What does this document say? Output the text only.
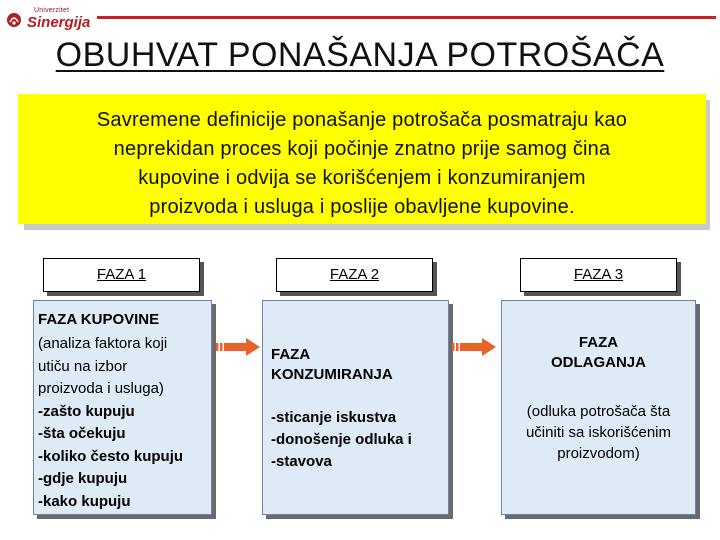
Univerzitet
Sinergija
OBUHVAT PONAŠANJA POTROŠAČA
Savremene definicije ponašanje potrošača posmatraju kao
neprekidan proces koji počinje znatno prije samog čina
kupovine i odvija se korišćenjem i konzumiranjem
proizvoda i usluga i poslije obavljene kupovine.
FAZA 1	FAZA 2	FAZA 3
FAZA KUPOVINE
(analiza faktora koji
utiču na izbor
proizvoda i usluga)
-zašto kupuju
-šta očekuju
-koliko često kupuju
-gdje kupuju
-kako kupuju
FAZA
KONZUMIRANJA
-sticanje iskustva
-donošenje odluka i
-stavova
FAZA
ODLAGANJA
(odluka potrošača šta
učiniti sa iskorišćenim
proizvodom)
